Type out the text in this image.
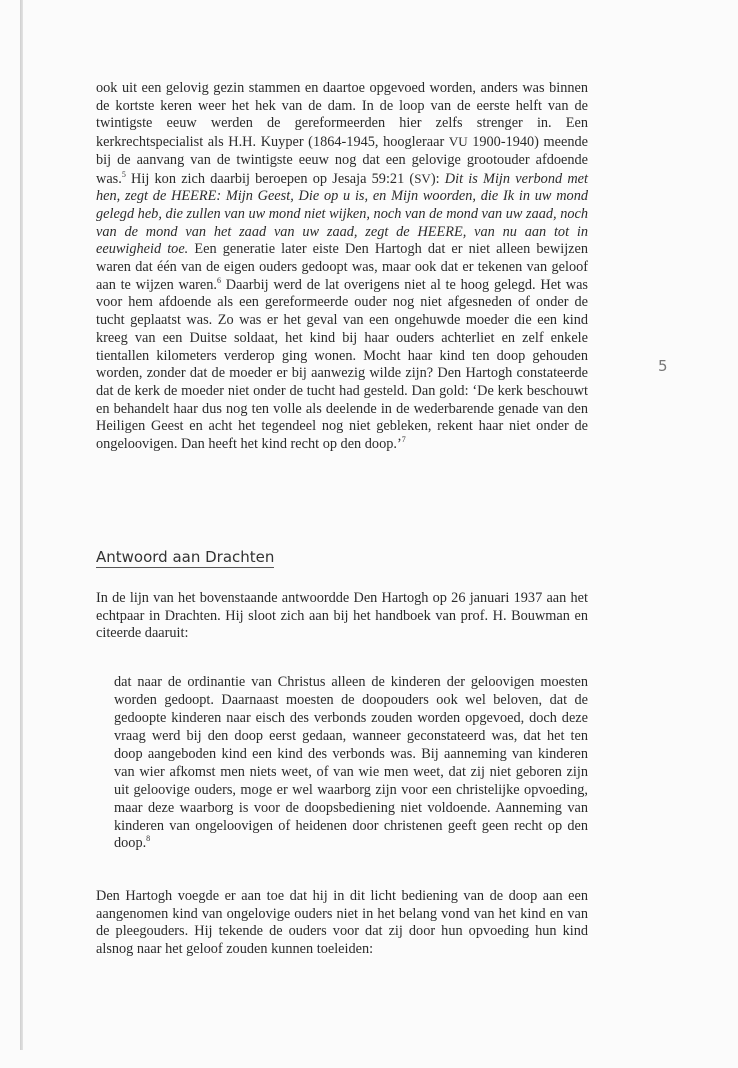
ook uit een gelovig gezin stammen en daartoe opgevoed worden, anders was binnen de kortste keren weer het hek van de dam. In de loop van de eerste helft van de twintigste eeuw werden de gereformeerden hier zelfs strenger in. Een kerkrechtspecialist als H.H. Kuyper (1864-1945, hoogleraar VU 1900-1940) meende bij de aanvang van de twintigste eeuw nog dat een gelovige grootouder afdoende was.$^5$ Hij kon zich daarbij beroepen op Jesaja 59:21 (SV): Dit is Mijn verbond met hen, zegt de HEERE: Mijn Geest, Die op u is, en Mijn woorden, die Ik in uw mond gelegd heb, die zullen van uw mond niet wijken, noch van de mond van uw zaad, noch van de mond van het zaad van uw zaad, zegt de HEERE, van nu aan tot in eeuwigheid toe. Een generatie later eiste Den Hartogh dat er niet alleen bewijzen waren dat één van de eigen ouders gedoopt was, maar ook dat er tekenen van geloof aan te wijzen waren.$^6$ Daarbij werd de lat overigens niet al te hoog gelegd. Het was voor hem afdoende als een gereformeerde ouder nog niet afgesneden of onder de tucht geplaatst was. Zo was er het geval van een ongehuwde moeder die een kind kreeg van een Duitse soldaat, het kind bij haar ouders achterliet en zelf enkele tientallen kilometers verderop ging wonen. Mocht haar kind ten doop gehouden worden, zonder dat de moeder er bij aanwezig wilde zijn? Den Hartogh constateerde dat de kerk de moeder niet onder de tucht had gesteld. Dan gold: ‘De kerk beschouwt en behandelt haar dus nog ten volle als deelende in de wederbarende genade van den Heiligen Geest en acht het tegendeel nog niet gebleken, rekent haar niet onder de ongeloovigen. Dan heeft het kind recht op den doop.’$^7$

5
Antwoord aan Drachten

In de lijn van het bovenstaande antwoordde Den Hartogh op 26 januari 1937 aan het echtpaar in Drachten. Hij sloot zich aan bij het handboek van prof. H. Bouwman en citeerde daaruit:

dat naar de ordinantie van Christus alleen de kinderen der geloovigen moesten worden gedoopt. Daarnaast moesten de doopouders ook wel beloven, dat de gedoopte kinderen naar eisch des verbonds zouden worden opgevoed, doch deze vraag werd bij den doop eerst gedaan, wanneer geconstateerd was, dat het ten doop aangeboden kind een kind des verbonds was. Bij aanneming van kinderen van wier afkomst men niets weet, of van wie men weet, dat zij niet geboren zijn uit geloovige ouders, moge er wel waarborg zijn voor een christelijke opvoeding, maar deze waarborg is voor de doopsbediening niet voldoende. Aanneming van kinderen van ongeloovigen of heidenen door christenen geeft geen recht op den doop.$^8$

Den Hartogh voegde er aan toe dat hij in dit licht bediening van de doop aan een aangenomen kind van ongelovige ouders niet in het belang vond van het kind en van de pleegouders. Hij tekende de ouders voor dat zij door hun opvoeding hun kind alsnog naar het geloof zouden kunnen toeleiden:
